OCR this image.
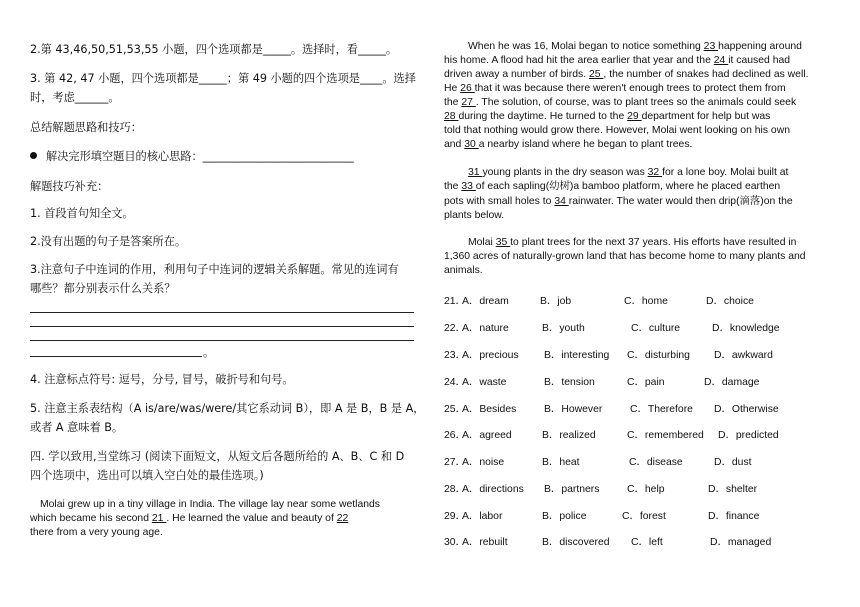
2.第 43,46,50,51,53,55 小题，四个选项都是_____。选择时，看_____。
3. 第 42, 47 小题，四个选项都是_____；第 49 小题的四个选项是____。选择
时，考虑______。
总结解题思路和技巧：
解决完形填空题目的核心思路：___________________________
解题技巧补充：
1. 首段首句知全文。
2.没有出题的句子是答案所在。
3.注意句子中连词的作用，利用句子中连词的逻辑关系解题。常见的连词有
哪些？都分别表示什么关系？
。
4. 注意标点符号: 逗号，分号, 冒号，破折号和句号。
5. 注意主系表结构（A is/are/was/were/其它系动词 B），即 A 是 B，B 是 A，
或者 A 意味着 B。
四. 学以致用,当堂练习 (阅读下面短文，从短文后各题所给的 A、B、C 和 D
四个选项中，选出可以填入空白处的最佳选项。)
Molai grew up in a tiny village in India. The village lay near some wetlands
which became his second 21 . He learned the value and beauty of 22
there from a very young age.
When he was 16, Molai began to notice something 23 happening around
his home. A flood had hit the area earlier that year and the 24 it caused had
driven away a number of birds. 25 , the number of snakes had declined as well.
He 26 that it was because there weren't enough trees to protect them from
the 27 . The solution, of course, was to plant trees so the animals could seek
28 during the daytime. He turned to the 29 department for help but was
told that nothing would grow there. However, Molai went looking on his own
and 30 a nearby island where he began to plant trees.
31 young plants in the dry season was 32 for a lone boy. Molai built at
the 33 of each sapling(幼树)a bamboo platform, where he placed earthen
pots with small holes to 34 rainwater. The water would then drip(滴落)on the
plants below.
Molai 35 to plant trees for the next 37 years. His efforts have resulted in
1,360 acres of naturally-grown land that has become home to many plants and
animals.
21．
A．dream	B．job	C．home	D．choice
22．
A．nature	B．youth	C．culture	D．knowledge
23．
A．precious B．interesting C．disturbing D．awkward
24．
A．waste	B．tension	C．pain	D．damage
25．
A．Besides	B．However	C．Therefore D．Otherwise
26．
A．agreed	B．realized	C．remembered D．predicted
27．
A．noise	B．heat	C．disease	D．dust
28．
A．directions B．partners	C．help	D．shelter
29．
A．labor	B．police	C．forest	D．finance
30．
A．rebuilt	B．discovered C．left	D．managed
